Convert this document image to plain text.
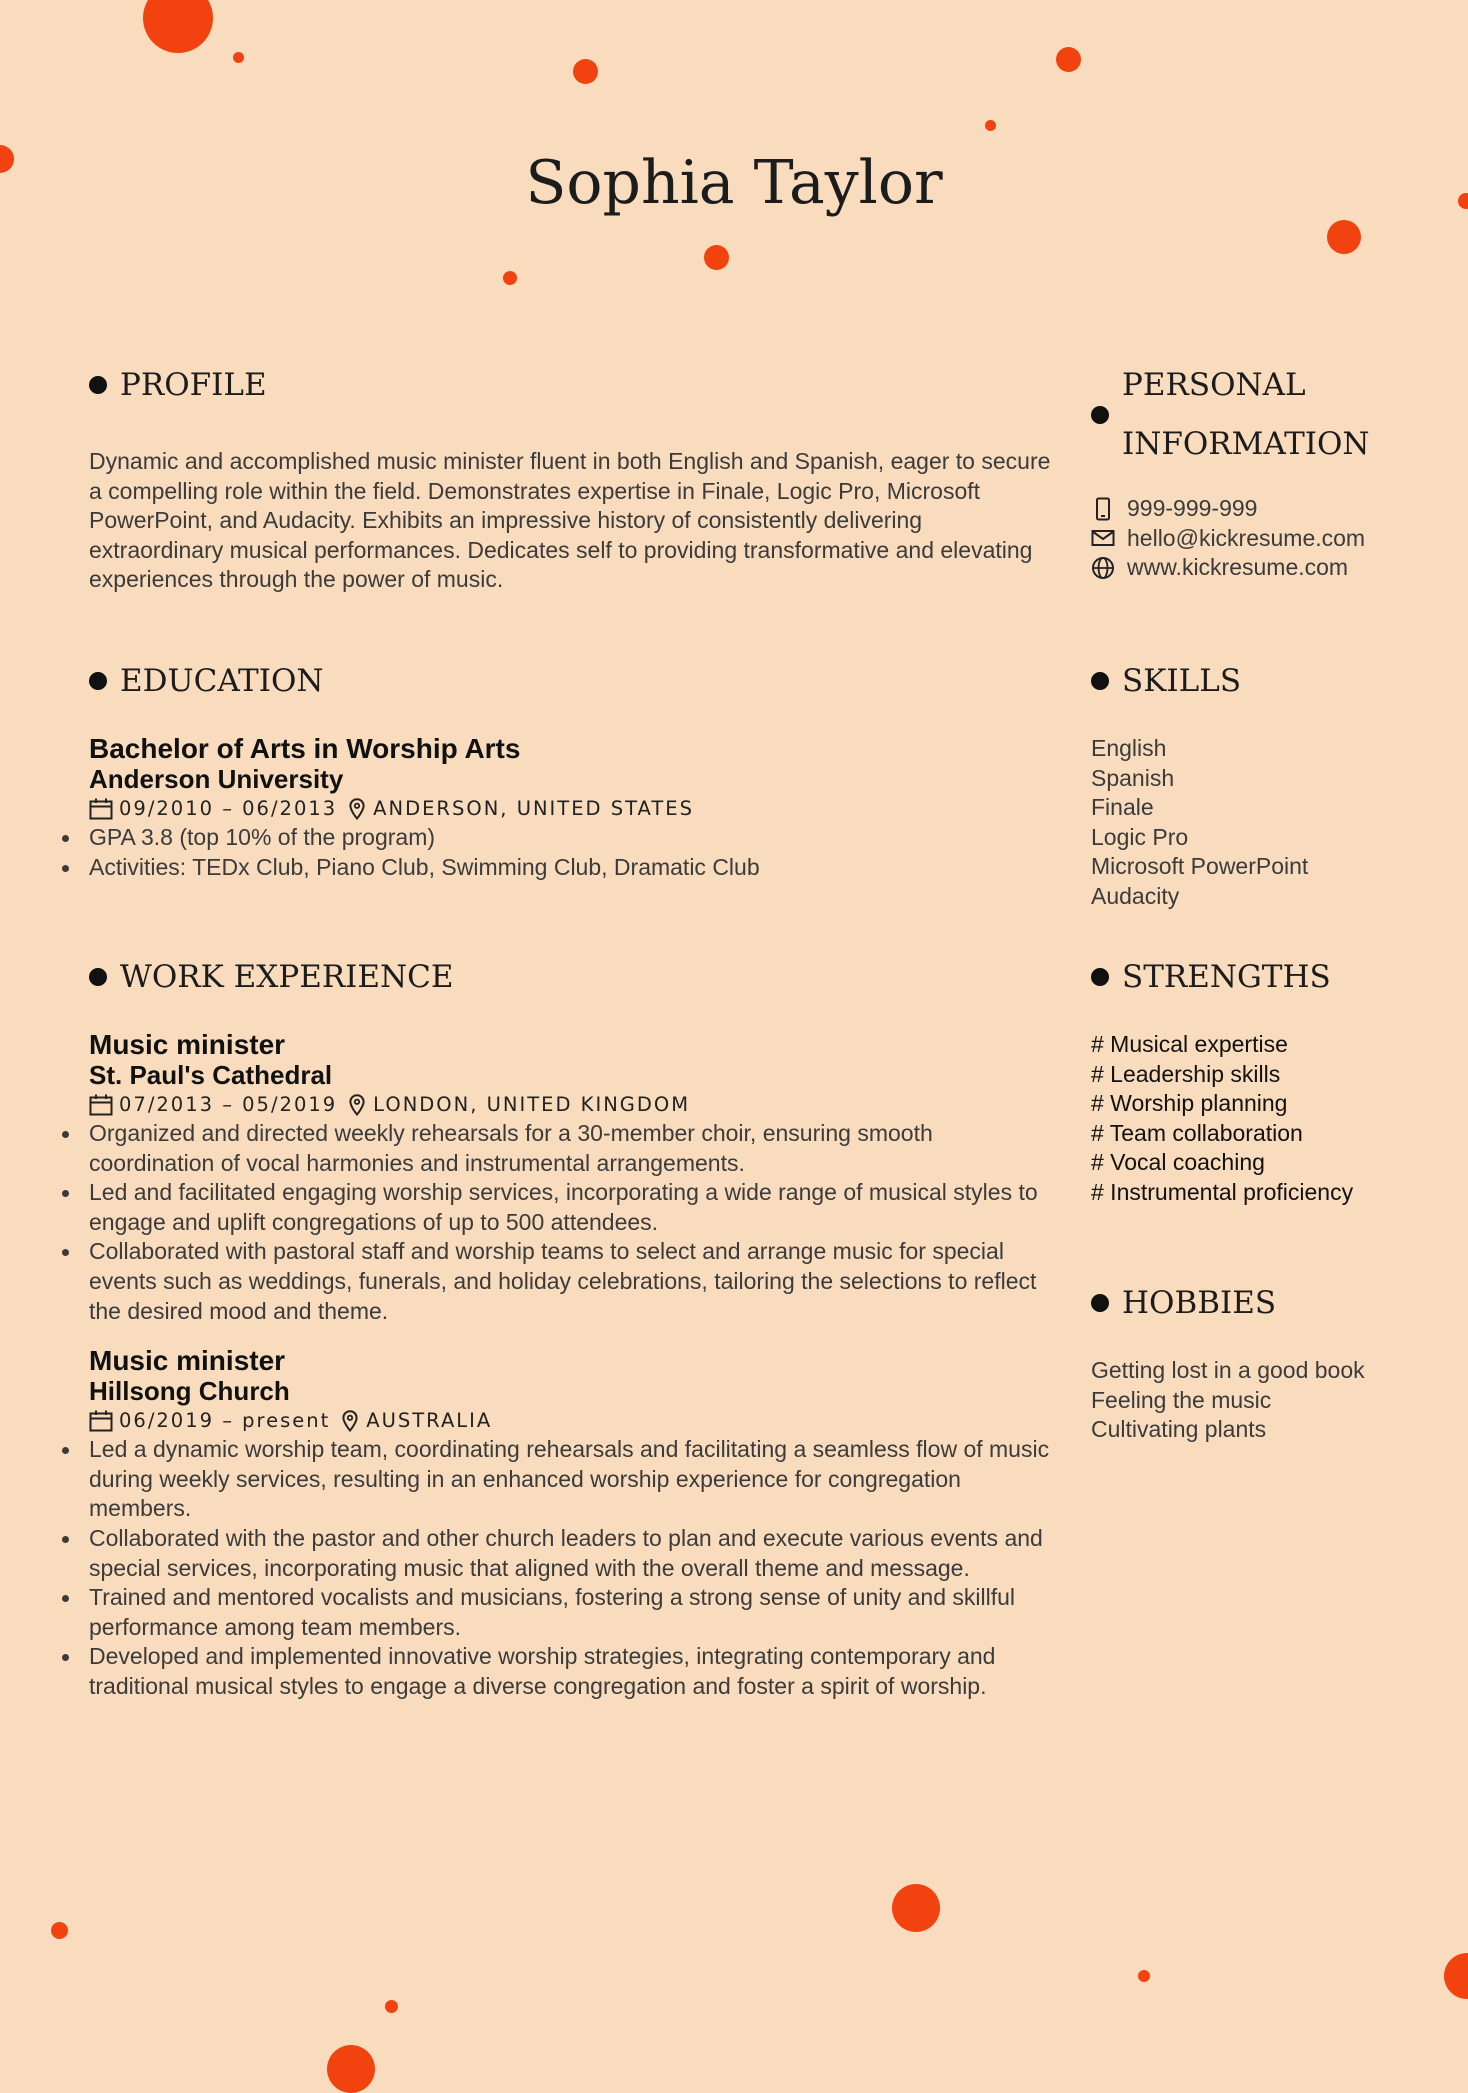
Sophia Taylor
PROFILE

Dynamic and accomplished music minister fluent in both English and Spanish, eager to secure a compelling role within the field. Demonstrates expertise in Finale, Logic Pro, Microsoft PowerPoint, and Audacity. Exhibits an impressive history of consistently delivering extraordinary musical performances. Dedicates self to providing transformative and elevating experiences through the power of music.

EDUCATION
Bachelor of Arts in Worship Arts
Anderson University
09/2010 – 06/2013 ANDERSON, UNITED STATES
GPA 3.8 (top 10% of the program)
Activities: TEDx Club, Piano Club, Swimming Club, Dramatic Club
WORK EXPERIENCE
Music minister
St. Paul's Cathedral
07/2013 – 05/2019 LONDON, UNITED KINGDOM
Organized and directed weekly rehearsals for a 30-member choir, ensuring smooth coordination of vocal harmonies and instrumental arrangements.
Led and facilitated engaging worship services, incorporating a wide range of musical styles to engage and uplift congregations of up to 500 attendees.
Collaborated with pastoral staff and worship teams to select and arrange music for special events such as weddings, funerals, and holiday celebrations, tailoring the selections to reflect the desired mood and theme.
Music minister
Hillsong Church
06/2019 – present AUSTRALIA
Led a dynamic worship team, coordinating rehearsals and facilitating a seamless flow of music during weekly services, resulting in an enhanced worship experience for congregation members.
Collaborated with the pastor and other church leaders to plan and execute various events and special services, incorporating music that aligned with the overall theme and message.
Trained and mentored vocalists and musicians, fostering a strong sense of unity and skillful performance among team members.
Developed and implemented innovative worship strategies, integrating contemporary and traditional musical styles to engage a diverse congregation and foster a spirit of worship.
PERSONAL
INFORMATION
999-999-999
hello@kickresume.com
www.kickresume.com
SKILLS
English
Spanish
Finale
Logic Pro
Microsoft PowerPoint
Audacity
STRENGTHS
# Musical expertise
# Leadership skills
# Worship planning
# Team collaboration
# Vocal coaching
# Instrumental proficiency
HOBBIES
Getting lost in a good book
Feeling the music
Cultivating plants
